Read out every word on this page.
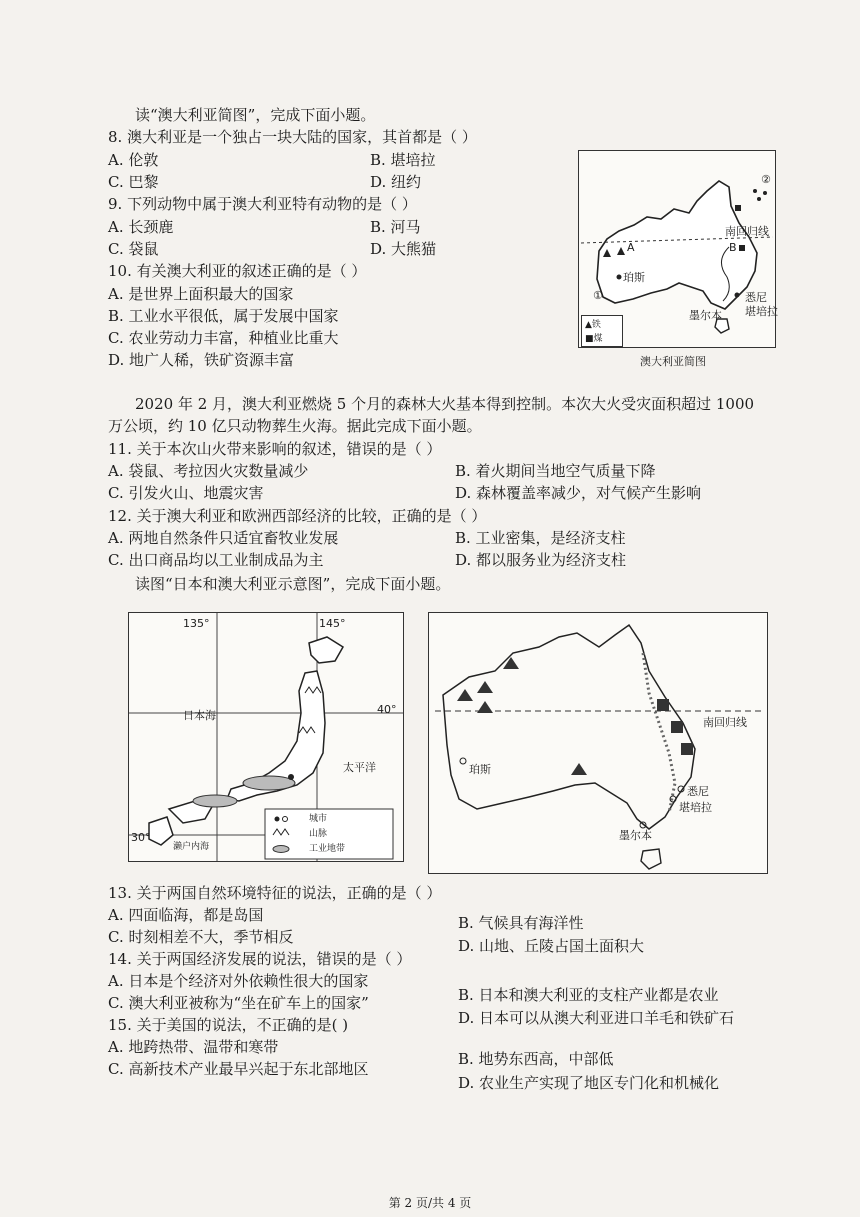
读“澳大利亚简图”，完成下面小题。
8. 澳大利亚是一个独占一块大陆的国家，其首都是（ ）
A. 伦敦	B. 堪培拉
C. 巴黎	D. 纽约
9. 下列动物中属于澳大利亚特有动物的是（ ）
A. 长颈鹿	B. 河马
C. 袋鼠	D. 大熊猫
10. 有关澳大利亚的叙述正确的是（ ）
A. 是世界上面积最大的国家
B. 工业水平很低，属于发展中国家
C. 农业劳动力丰富，种植业比重大
D. 地广人稀，铁矿资源丰富
南回归线
A	B
珀斯
①
②
悉尼
堪培拉
墨尔本
▲铁
■煤
澳大利亚简图
2020 年 2 月，澳大利亚燃烧 5 个月的森林大火基本得到控制。本次大火受灾面积超过 1000
万公顷，约 10 亿只动物葬生火海。据此完成下面小题。
11. 关于本次山火带来影响的叙述，错误的是（ ）
A. 袋鼠、考拉因火灾数量减少	B. 着火期间当地空气质量下降
C. 引发火山、地震灾害	D. 森林覆盖率减少，对气候产生影响
12. 关于澳大利亚和欧洲西部经济的比较，正确的是（ ）
A. 两地自然条件只适宜畜牧业发展	B. 工业密集，是经济支柱
C. 出口商品均以工业制成品为主	D. 都以服务业为经济支柱
读图“日本和澳大利亚示意图”，完成下面小题。
135°	145°
40°
30°
日本海
太平洋
濑户内海
城市
山脉
工业地带
南回归线
珀斯
悉尼
堪培拉
墨尔本
13. 关于两国自然环境特征的说法，正确的是（ ）
A. 四面临海，都是岛国	B. 气候具有海洋性
C. 时刻相差不大，季节相反	D. 山地、丘陵占国土面积大
14. 关于两国经济发展的说法，错误的是（ ）
A. 日本是个经济对外依赖性很大的国家
B. 日本和澳大利亚的支柱产业都是农业
C. 澳大利亚被称为“坐在矿车上的国家”
D. 日本可以从澳大利亚进口羊毛和铁矿石
15. 关于美国的说法，不正确的是( )
A. 地跨热带、温带和寒带
B. 地势东西高，中部低
C. 高新技术产业最早兴起于东北部地区
D. 农业生产实现了地区专门化和机械化
第 2 页/共 4 页
